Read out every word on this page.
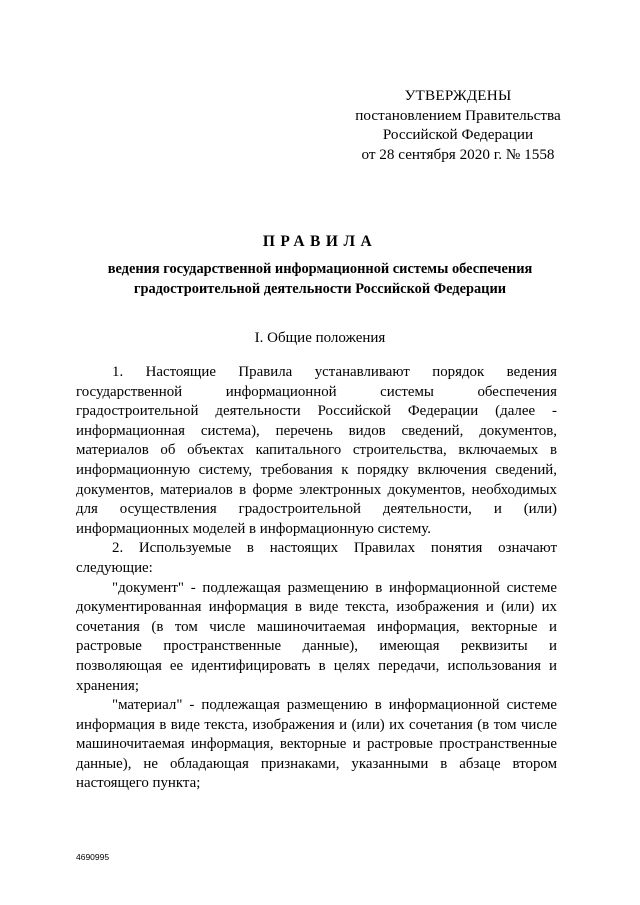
УТВЕРЖДЕНЫ
постановлением Правительства
Российской Федерации
от 28 сентября 2020 г. № 1558
ПРАВИЛА
ведения государственной информационной системы обеспечения градостроительной деятельности Российской Федерации
I. Общие положения

1. Настоящие Правила устанавливают порядок ведения государственной информационной системы обеспечения градостроительной деятельности Российской Федерации (далее - информационная система), перечень видов сведений, документов, материалов об объектах капитального строительства, включаемых в информационную систему, требования к порядку включения сведений, документов, материалов в форме электронных документов, необходимых для осуществления градостроительной деятельности, и (или) информационных моделей в информационную систему.

2. Используемые в настоящих Правилах понятия означают следующие:

"документ" - подлежащая размещению в информационной системе документированная информация в виде текста, изображения и (или) их сочетания (в том числе машиночитаемая информация, векторные и растровые пространственные данные), имеющая реквизиты и позволяющая ее идентифицировать в целях передачи, использования и хранения;

"материал" - подлежащая размещению в информационной системе информация в виде текста, изображения и (или) их сочетания (в том числе машиночитаемая информация, векторные и растровые пространственные данные), не обладающая признаками, указанными в абзаце втором настоящего пункта;

4690995
